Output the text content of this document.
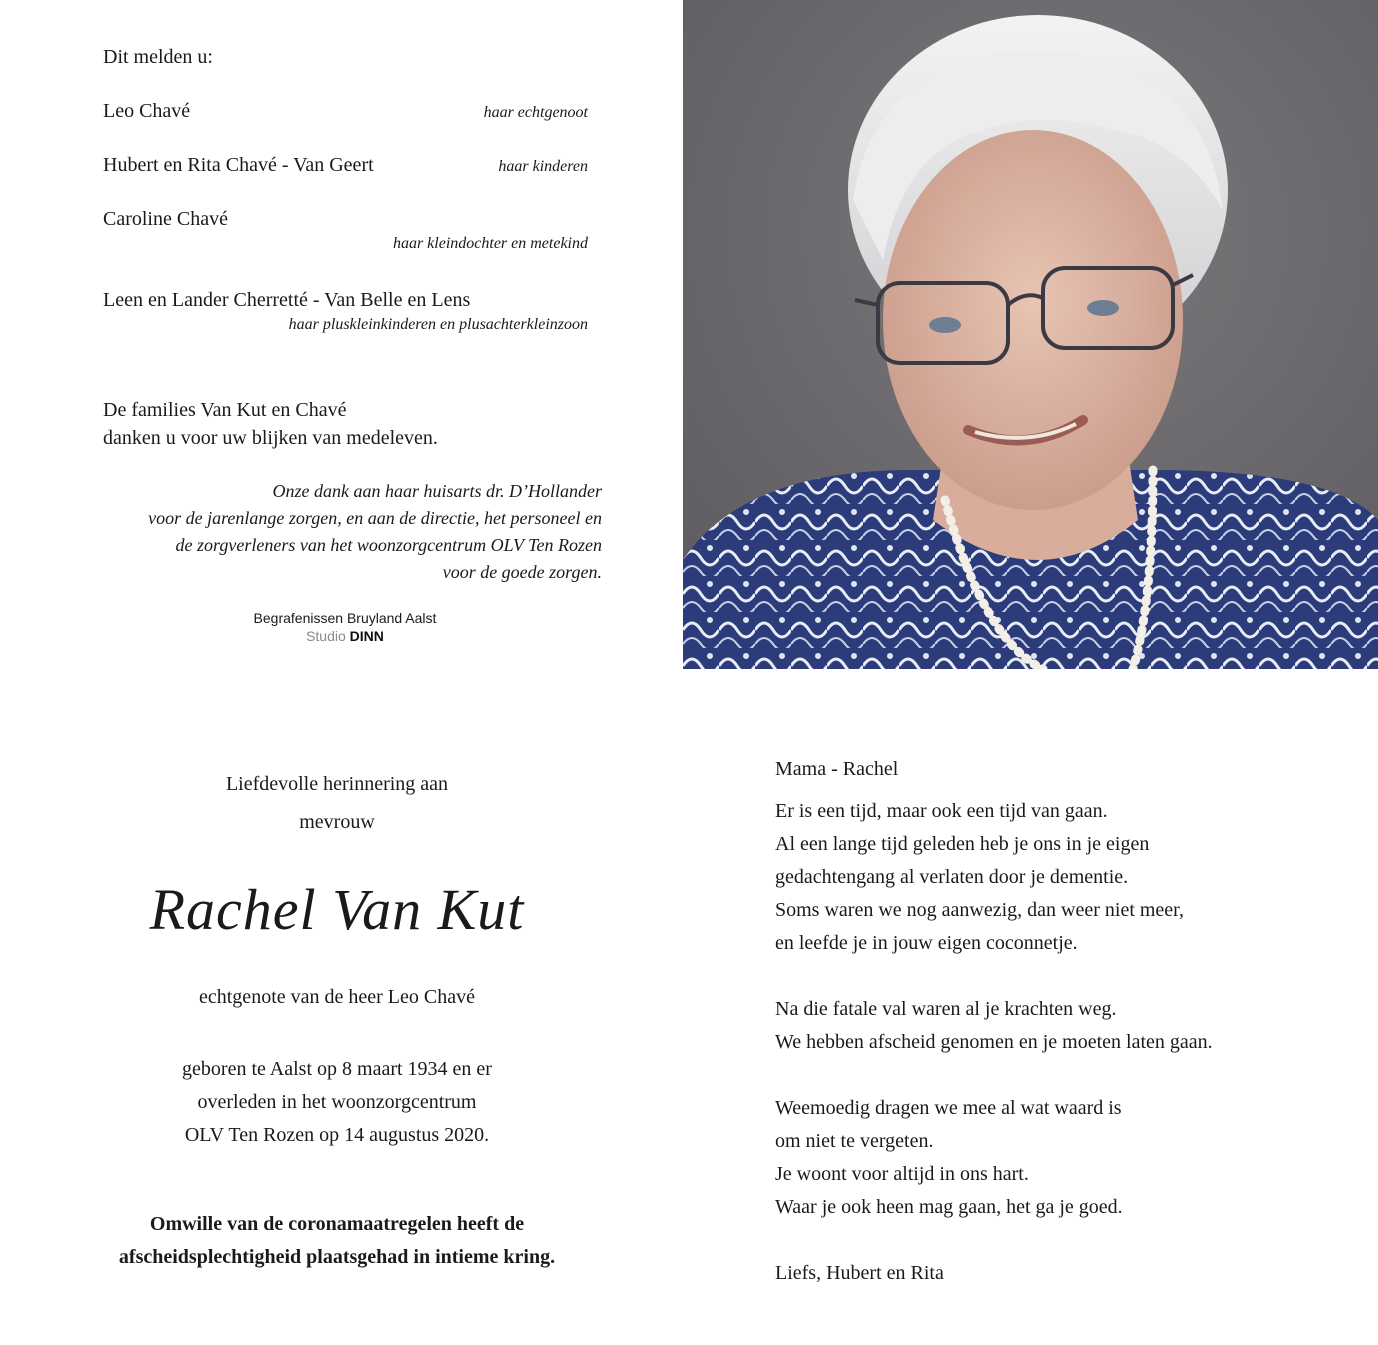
Dit melden u:
Leo Chavé	haar echtgenoot
Hubert en Rita Chavé - Van Geert	haar kinderen
Caroline Chavé
haar kleindochter en metekind
Leen en Lander Cherretté - Van Belle en Lens
haar pluskleinkinderen en plusachterkleinzoon
De families Van Kut en Chavé
danken u voor uw blijken van medeleven.
Onze dank aan haar huisarts dr. D’Hollander
voor de jarenlange zorgen, en aan de directie, het personeel en
de zorgverleners van het woonzorgcentrum OLV Ten Rozen
voor de goede zorgen.
Begrafenissen Bruyland Aalst
Studio DINN
Liefdevolle herinnering aan
mevrouw
Rachel Van Kut
echtgenote van de heer Leo Chavé
geboren te Aalst op 8 maart 1934 en er
overleden in het woonzorgcentrum
OLV Ten Rozen op 14 augustus 2020.
Omwille van de coronamaatregelen heeft de
afscheidsplechtigheid plaatsgehad in intieme kring.
Mama - Rachel
Er is een tijd, maar ook een tijd van gaan.
Al een lange tijd geleden heb je ons in je eigen
gedachtengang al verlaten door je dementie.
Soms waren we nog aanwezig, dan weer niet meer,
en leefde je in jouw eigen coconnetje.
Na die fatale val waren al je krachten weg.
We hebben afscheid genomen en je moeten laten gaan.
Weemoedig dragen we mee al wat waard is
om niet te vergeten.
Je woont voor altijd in ons hart.
Waar je ook heen mag gaan, het ga je goed.
Liefs, Hubert en Rita
